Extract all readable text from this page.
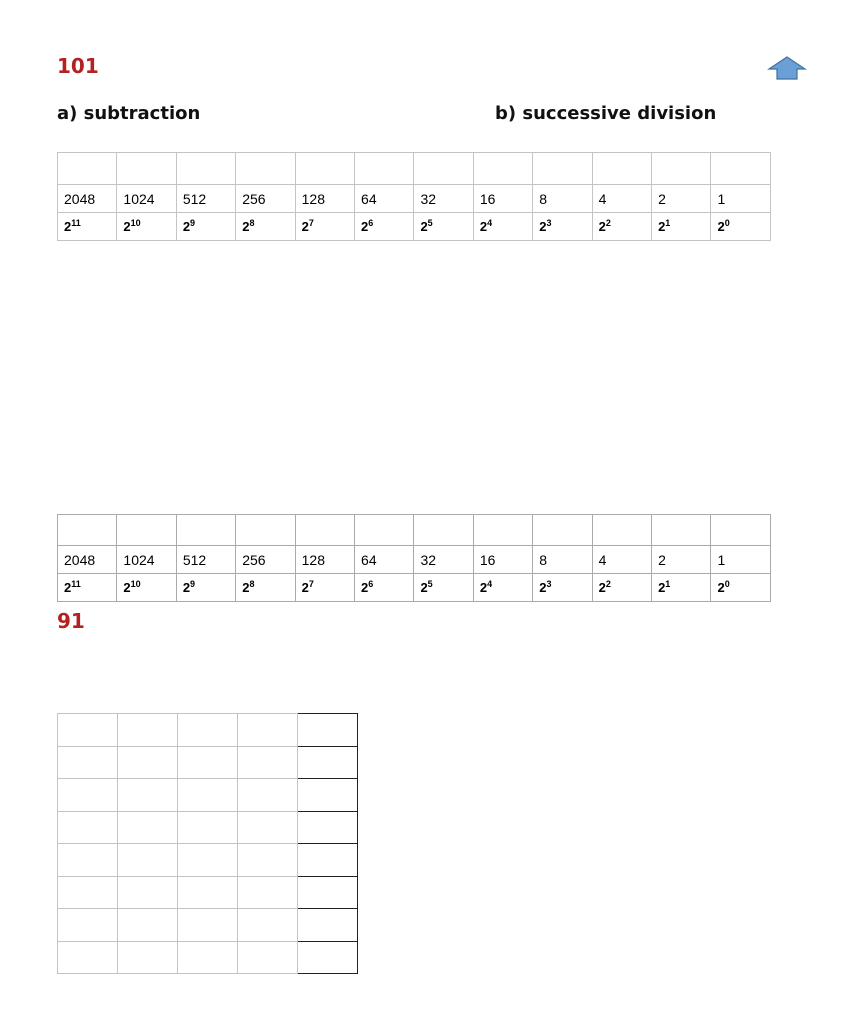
101
a) subtraction	b) successive division

2048	1024	512	256	128	64	32	16	8	4	2	1
$2^{11}$	$2^{10}$	$2^9$	$2^8$	$2^7$	$2^6$	$2^5$	$2^4$	$2^3$	$2^2$	$2^1$	$2^0$

2048	1024	512	256	128	64	32	16	8	4	2	1
$2^{11}$	$2^{10}$	$2^9$	$2^8$	$2^7$	$2^6$	$2^5$	$2^4$	$2^3$	$2^2$	$2^1$	$2^0$
91
